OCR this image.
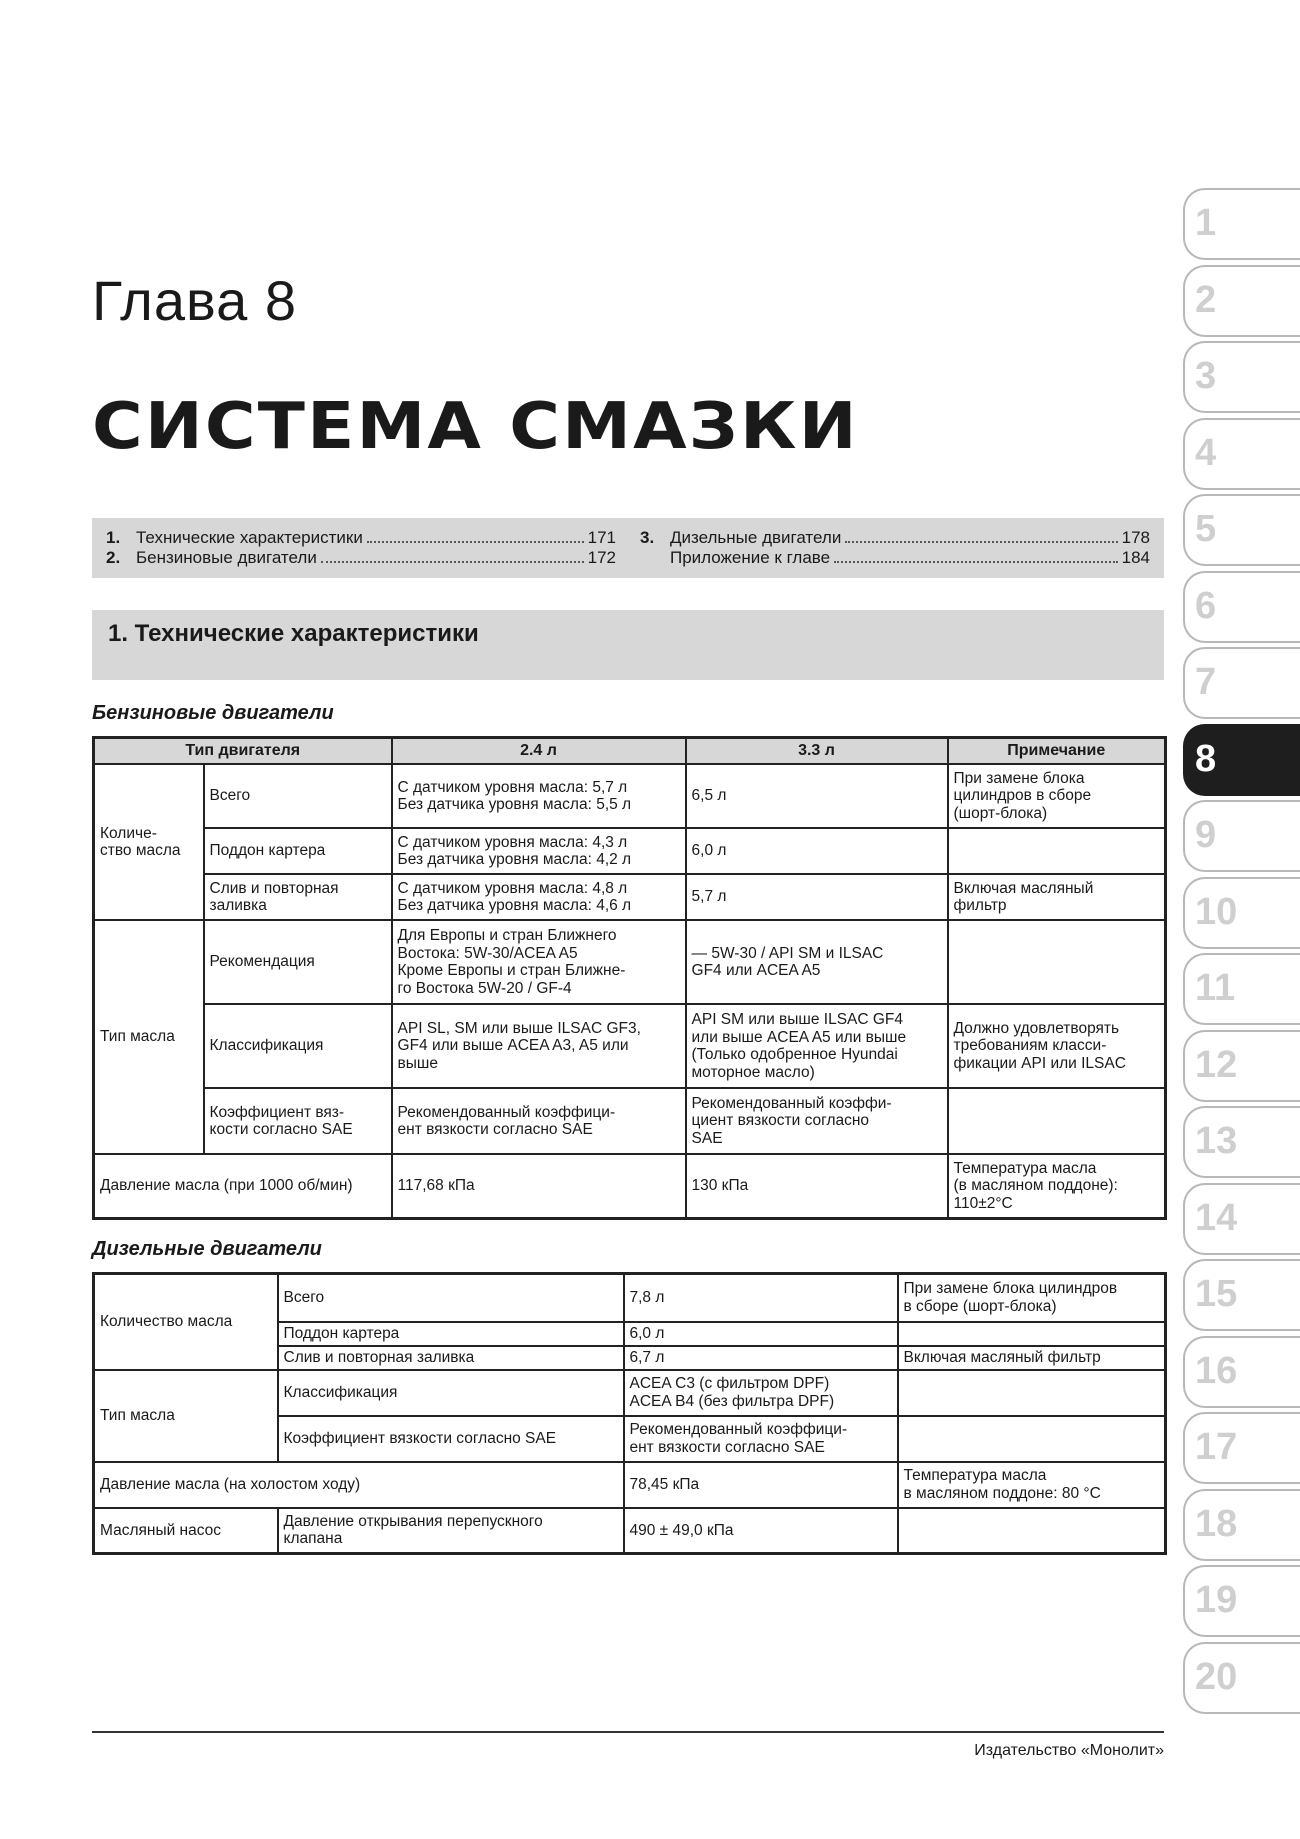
Глава 8
СИСТЕМА СМАЗКИ
1. Технические характеристики	171
2. Бензиновые двигатели	172
3. Дизельные двигатели	178
Приложение к главе	184
1. Технические характеристики
Бензиновые двигатели
Тип двигателя		2.4 л	3.3 л	Примечание
Количе-
ство масла	Всего	С датчиком уровня масла: 5,7 л
Без датчика уровня масла: 5,5 л	6,5 л	При замене блока
цилиндров в сборе
(шорт-блока)
	Поддон картера	С датчиком уровня масла: 4,3 л
Без датчика уровня масла: 4,2 л	6,0 л	
	Слив и повторная
заливка	С датчиком уровня масла: 4,8 л
Без датчика уровня масла: 4,6 л	5,7 л	Включая масляный
фильтр
Тип масла	Рекомендация	Для Европы и стран Ближнего
Востока: 5W-30/ACEA A5
Кроме Европы и стран Ближне-
го Востока 5W-20 / GF-4	— 5W-30 / API SM и ILSAC
GF4 или ACEA A5	
	Классификация	API SL, SM или выше ILSAC GF3,
GF4 или выше ACEA A3, A5 или
выше	API SM или выше ILSAC GF4
или выше ACEA A5 или выше
(Только одобренное Hyundai
моторное масло)	Должно удовлетворять
требованиям класси-
фикации API или ILSAC
	Коэффициент вяз-
кости согласно SAE	Рекомендованный коэффици-
ент вязкости согласно SAE	Рекомендованный коэффи-
циент вязкости согласно
SAE	
Давление масла (при 1000 об/мин)		117,68 кПа	130 кПа	Температура масла
(в масляном поддоне):
110±2°С
Дизельные двигатели
Количество масла	Всего	7,8 л	При замене блока цилиндров
в сборе (шорт-блока)
	Поддон картера	6,0 л	
	Слив и повторная заливка	6,7 л	Включая масляный фильтр
Тип масла	Классификация	ACEA C3 (с фильтром DPF)
ACEA B4 (без фильтра DPF)	
	Коэффициент вязкости согласно SAE	Рекомендованный коэффици-
ент вязкости согласно SAE	
Давление масла (на холостом ходу)		78,45 кПа	Температура масла
в масляном поддоне: 80 °С
Масляный насос	Давление открывания перепускного
клапана	490 ± 49,0 кПа	
1
2
3
4
5
6
7
8
9
10
11
12
13
14
15
16
17
18
19
20
Издательство «Монолит»
